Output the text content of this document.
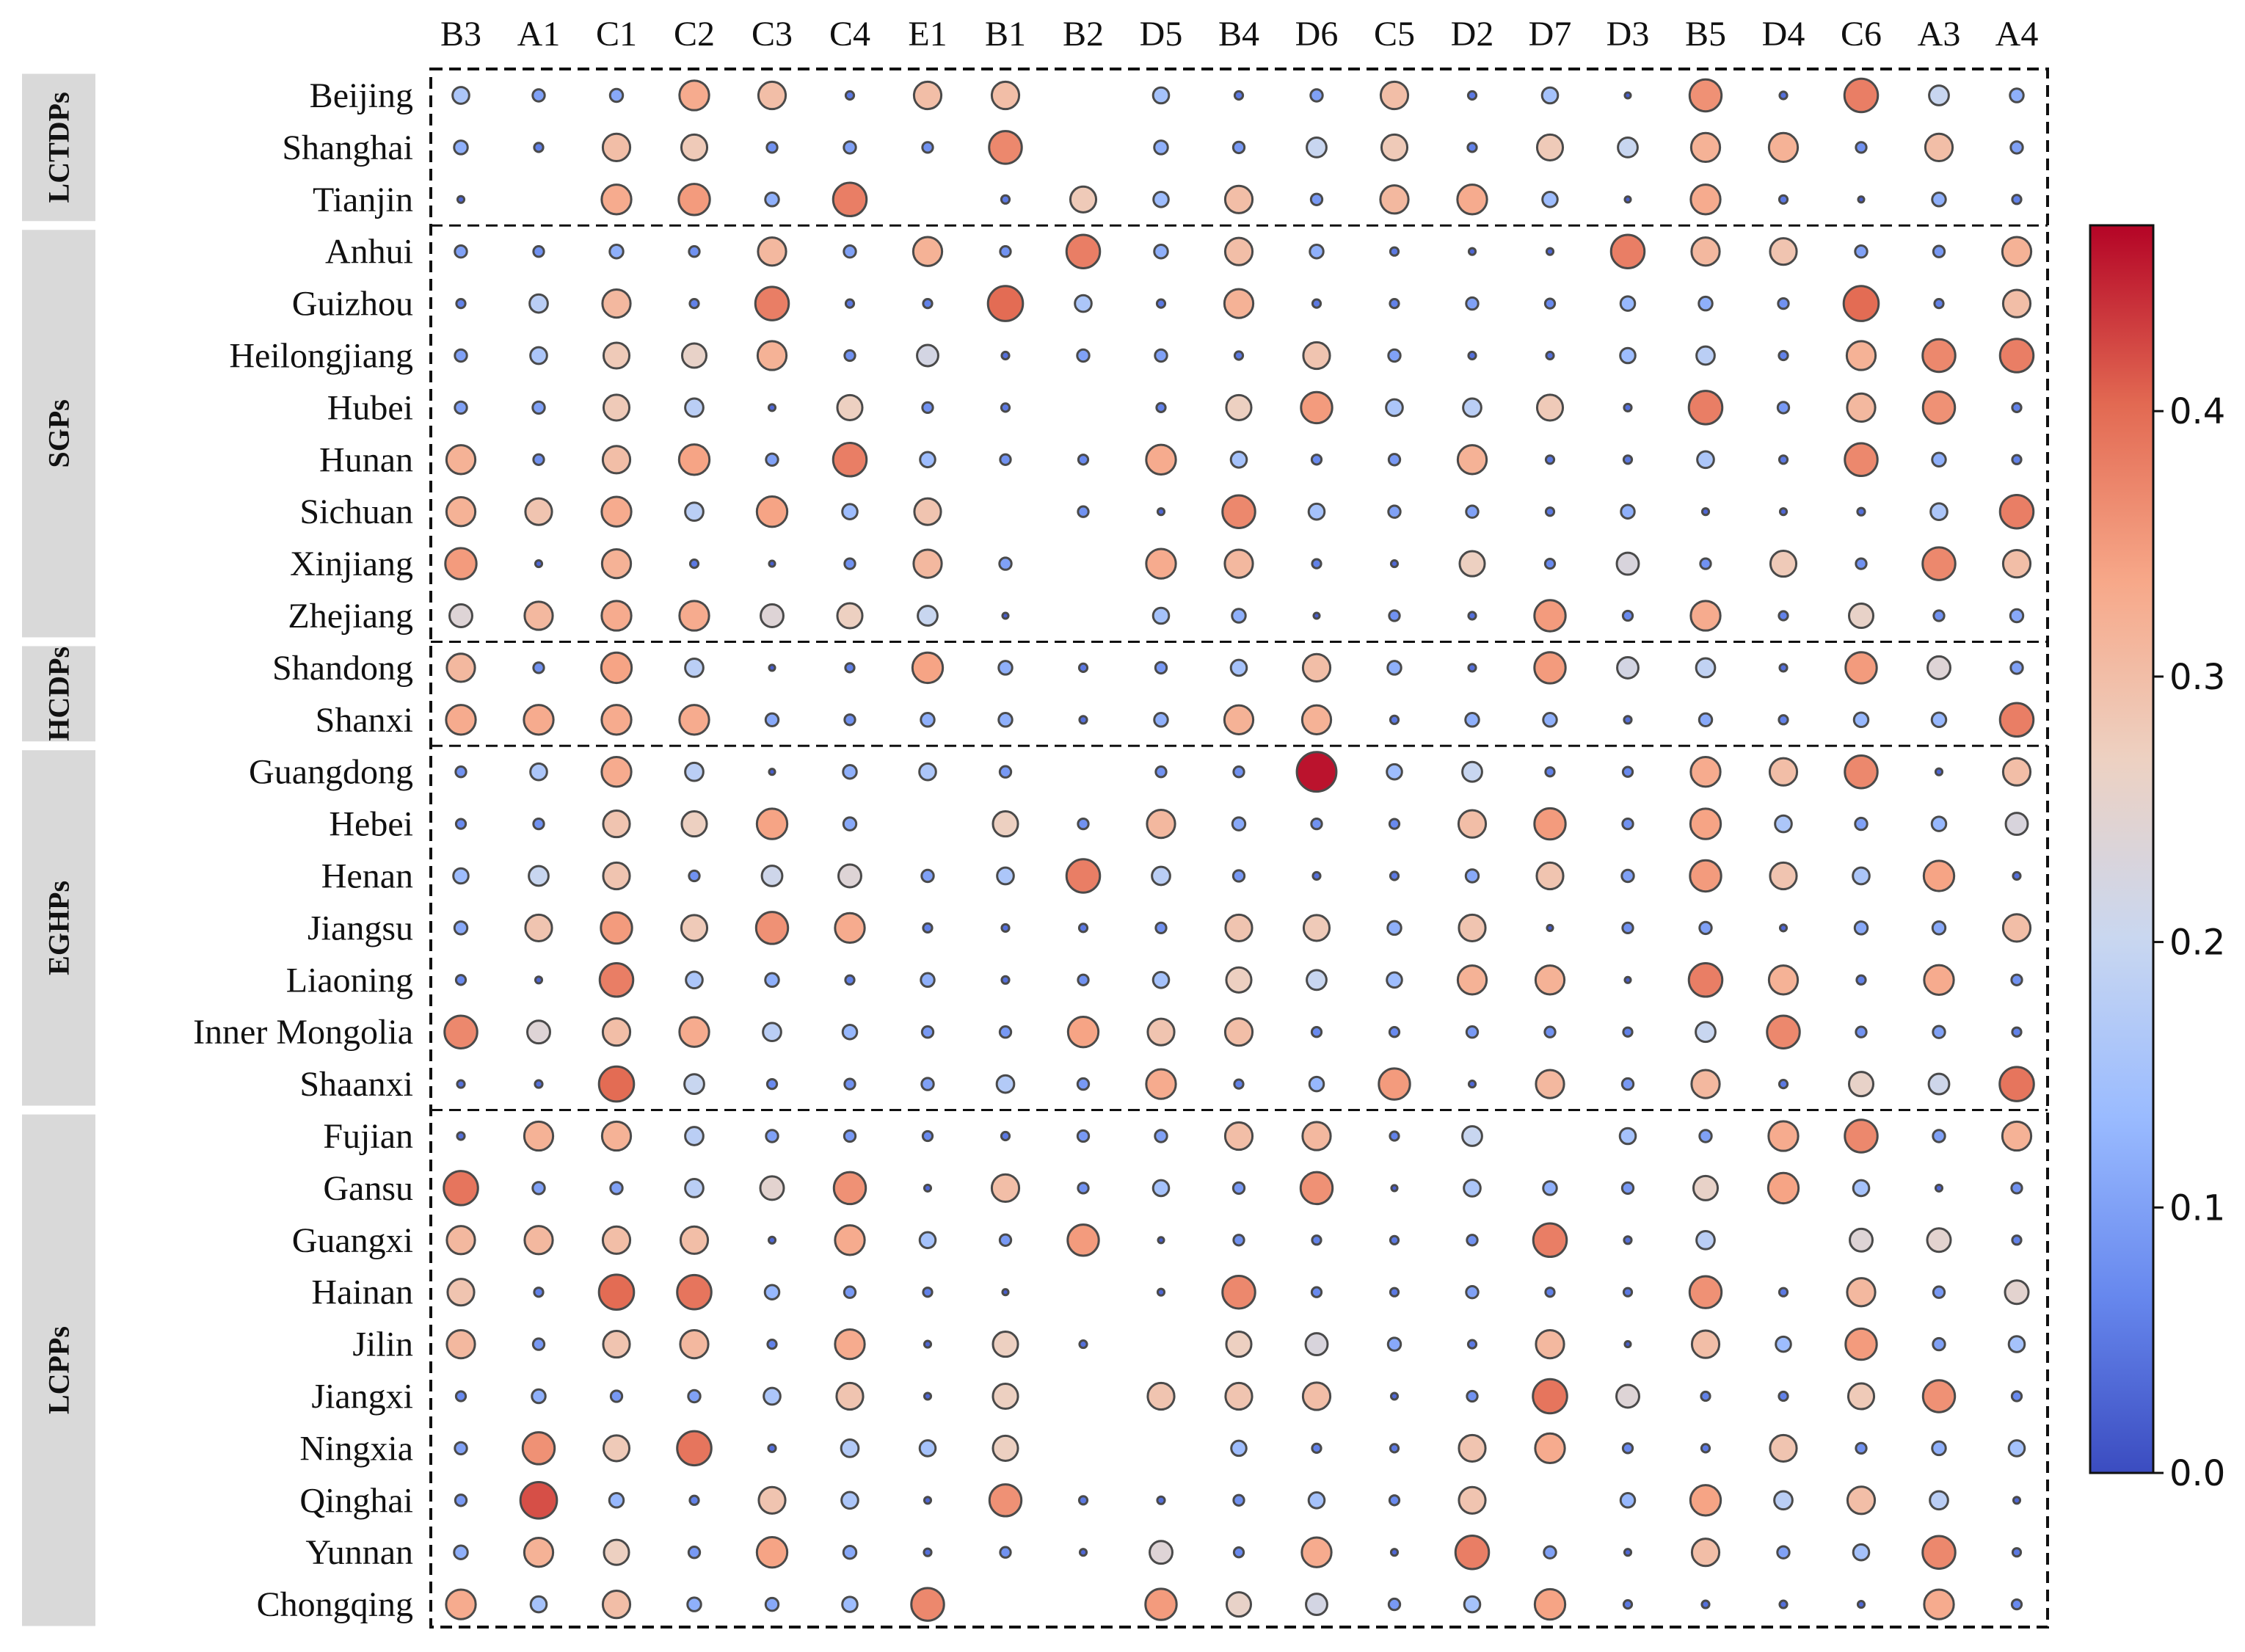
LCTDPs
SGPs
HCDPs
EGHPs
LCPPs
Beijing
Shanghai
Tianjin
Anhui
Guizhou
Heilongjiang
Hubei
Hunan
Sichuan
Xinjiang
Zhejiang
Shandong
Shanxi
Guangdong
Hebei
Henan
Jiangsu
Liaoning
Inner Mongolia
Shaanxi
Fujian
Gansu
Guangxi
Hainan
Jilin
Jiangxi
Ningxia
Qinghai
Yunnan
Chongqing
B3 A1 C1 C2 C3 C4 E1 B1 B2 D5 B4 D6 C5 D2 D7 D3 B5 D4 C6 A3 A4
0.0
0.1
0.2
0.3
0.4
